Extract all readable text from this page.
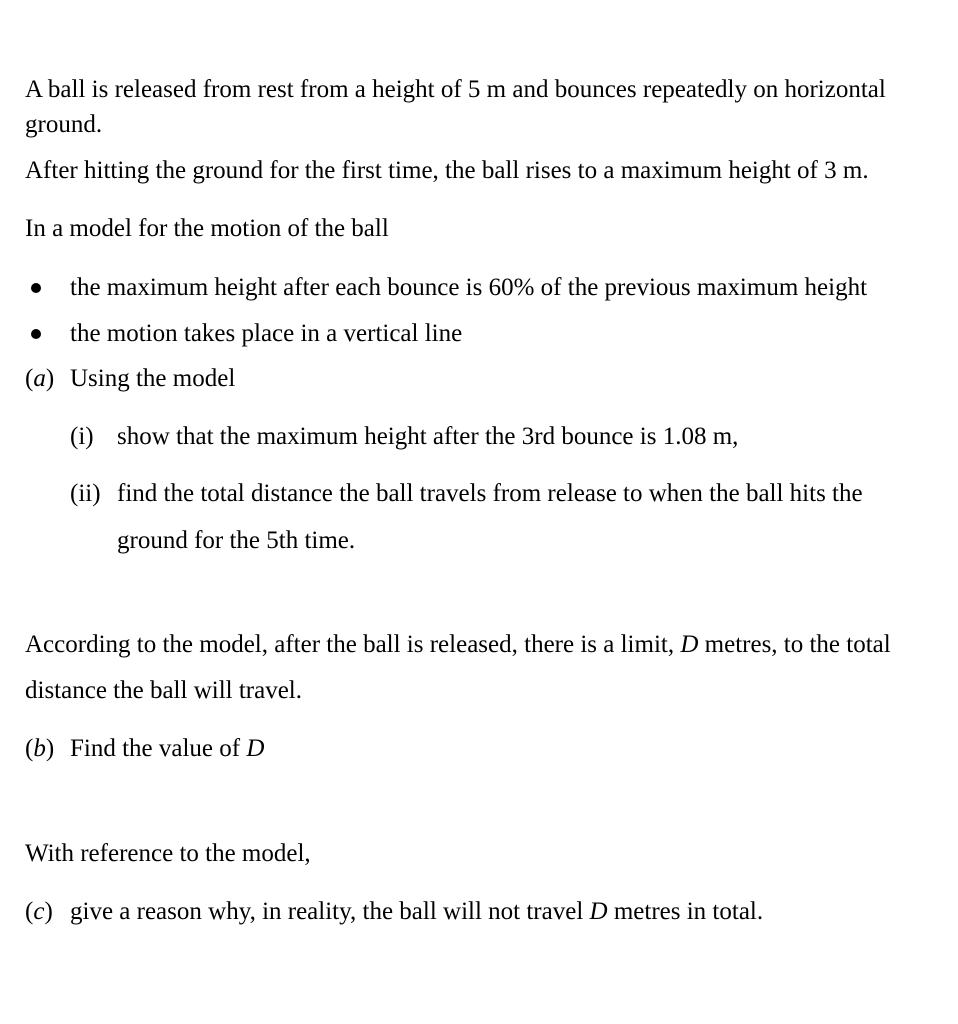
A ball is released from rest from a height of 5 m and bounces repeatedly on horizontal
ground.
After hitting the ground for the first time, the ball rises to a maximum height of 3 m.
In a model for the motion of the ball
the maximum height after each bounce is 60% of the previous maximum height
the motion takes place in a vertical line
(a) Using the model
(i) show that the maximum height after the 3rd bounce is 1.08 m,
(ii) find the total distance the ball travels from release to when the ball hits the
ground for the 5th time.
According to the model, after the ball is released, there is a limit, D metres, to the total
distance the ball will travel.
(b) Find the value of D
With reference to the model,
(c) give a reason why, in reality, the ball will not travel D metres in total.
